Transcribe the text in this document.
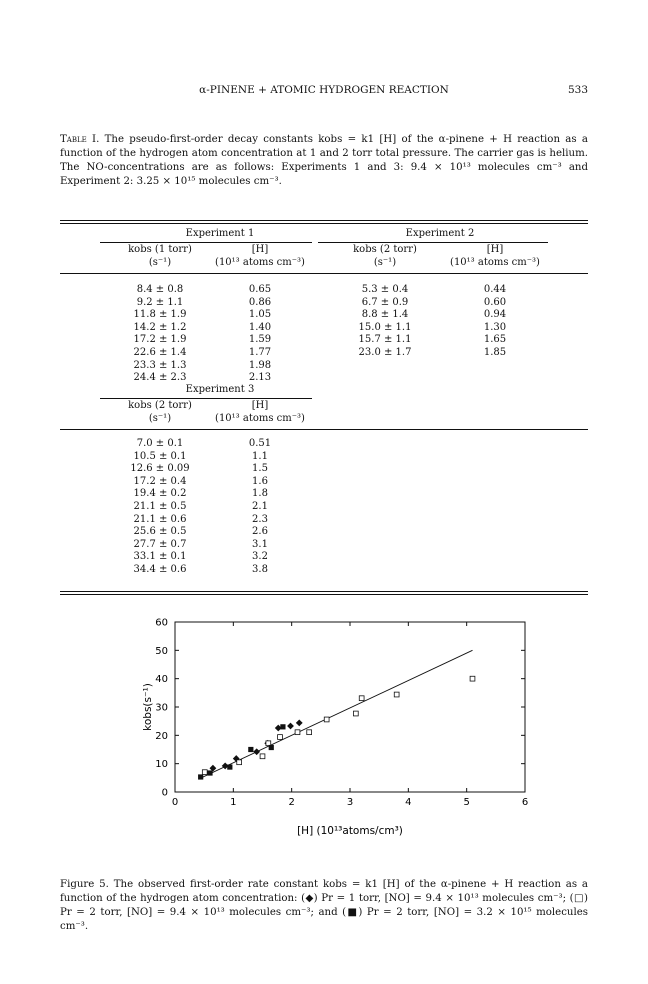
α-PINENE + ATOMIC HYDROGEN REACTION	533
Table I. The pseudo-first-order decay constants kobs = k1 [H] of the α-pinene + H reaction as a function of the hydrogen atom concentration at 1 and 2 torr total pressure. The carrier gas is helium. The NO-concentrations are as follows: Experiments 1 and 3: 9.4 × 10¹³ molecules cm⁻³ and Experiment 2: 3.25 × 10¹⁵ molecules cm⁻³.
Experiment 1	Experiment 2
kobs (1 torr)	[H]
(s⁻¹)	(10¹³ atoms cm⁻³)
kobs (2 torr)	[H]
(s⁻¹)	(10¹³ atoms cm⁻³)
8.4 ± 0.8	0.65
9.2 ± 1.1	0.86
11.8 ± 1.9	1.05
14.2 ± 1.2	1.40
17.2 ± 1.9	1.59
22.6 ± 1.4	1.77
23.3 ± 1.3	1.98
24.4 ± 2.3	2.13
5.3 ± 0.4	0.44
6.7 ± 0.9	0.60
8.8 ± 1.4	0.94
15.0 ± 1.1	1.30
15.7 ± 1.1	1.65
23.0 ± 1.7	1.85
Experiment 3
kobs (2 torr)	[H]
(s⁻¹)	(10¹³ atoms cm⁻³)
7.0 ± 0.1	0.51
10.5 ± 0.1	1.1
12.6 ± 0.09	1.5
17.2 ± 0.4	1.6
19.4 ± 0.2	1.8
21.1 ± 0.5	2.1
21.1 ± 0.6	2.3
25.6 ± 0.5	2.6
27.7 ± 0.7	3.1
33.1 ± 0.1	3.2
34.4 ± 0.6	3.8
0	1	2	3	4	5	6
0
10
20
30
40
50
60
[H] (10¹³atoms/cm³)
kobs(s⁻¹)
Figure 5. The observed first-order rate constant kobs = k1 [H] of the α-pinene + H reaction as a function of the hydrogen atom concentration: (◆) Pr = 1 torr, [NO] = 9.4 × 10¹³ molecules cm⁻³; (□) Pr = 2 torr, [NO] = 9.4 × 10¹³ molecules cm⁻³; and (■) Pr = 2 torr, [NO] = 3.2 × 10¹⁵ molecules cm⁻³.
